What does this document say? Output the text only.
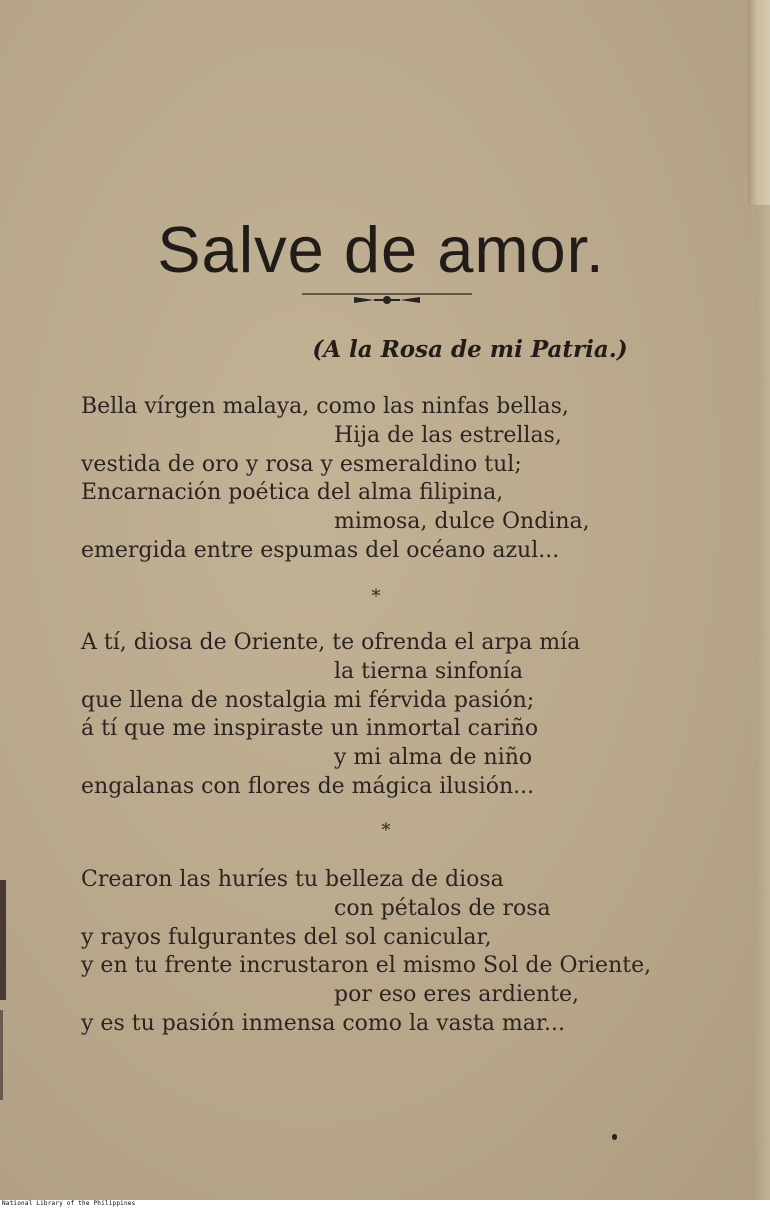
Salve de amor.
(A la Rosa de mi Patria.)
Bella vírgen malaya, como las ninfas bellas,
Hija de las estrellas,
vestida de oro y rosa y esmeraldino tul;
Encarnación poética del alma filipina,
mimosa, dulce Ondina,
emergida entre espumas del océano azul...
*
A tí, diosa de Oriente, te ofrenda el arpa mía
la tierna sinfonía
que llena de nostalgia mi férvida pasión;
á tí que me inspiraste un inmortal cariño
y mi alma de niño
engalanas con flores de mágica ilusión...
*
Crearon las huríes tu belleza de diosa
con pétalos de rosa
y rayos fulgurantes del sol canicular,
y en tu frente incrustaron el mismo Sol de Oriente,
por eso eres ardiente,
y es tu pasión inmensa como la vasta mar...
National Library of the Philippines
